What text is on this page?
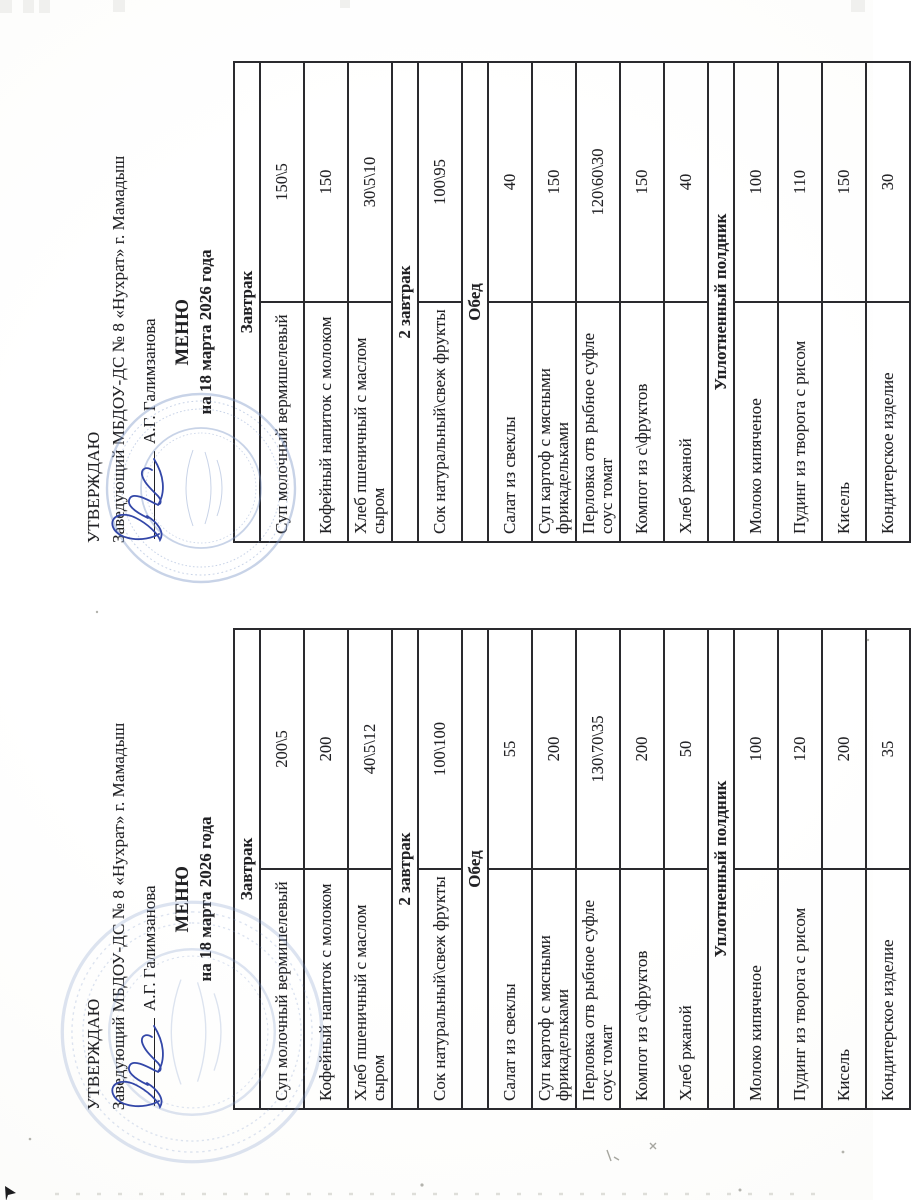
УТВЕРЖДАЮ Заведующий МБДОУ-ДС № 8 «Нухрат» г. Мамадыш А.Г. Галимзанова МЕНЮ на 18 марта 2026 года Завтрак	
Суп молочный вермишелевый	200\5
Кофейный напиток с молоком	200
Хлеб пшеничный с маслом сыром	40\5\12
2 завтрак	
Сок натуральный\свеж фрукты	100\100
Обед	
Салат из свеклы	55
Суп картоф с мясными фрикадельками	200
Перловка отв рыбное суфле соус томат	130\70\35
Компот из с\фруктов	200
Хлеб ржаной	50
Уплотненный полдник	
Молоко кипяченое	100
Пудинг из творога с рисом	120
Кисель	200
Кондитерское изделие	35
УТВЕРЖДАЮ Заведующий МБДОУ-ДС № 8 «Нухрат» г. Мамадыш А.Г. Галимзанова МЕНЮ на 18 марта 2026 года Завтрак	
Суп молочный вермишелевый	150\5
Кофейный напиток с молоком	150
Хлеб пшеничный с маслом сыром	30\5\10
2 завтрак	
Сок натуральный\свеж фрукты	100\95
Обед	
Салат из свеклы	40
Суп картоф с мясными фрикадельками	150
Перловка отв рыбное суфле соус томат	120\60\30
Компот из с\фруктов	150
Хлеб ржаной	40
Уплотненный полдник	
Молоко кипяченое	100
Пудинг из творога с рисом	110
Кисель	150
Кондитерское изделие	30
